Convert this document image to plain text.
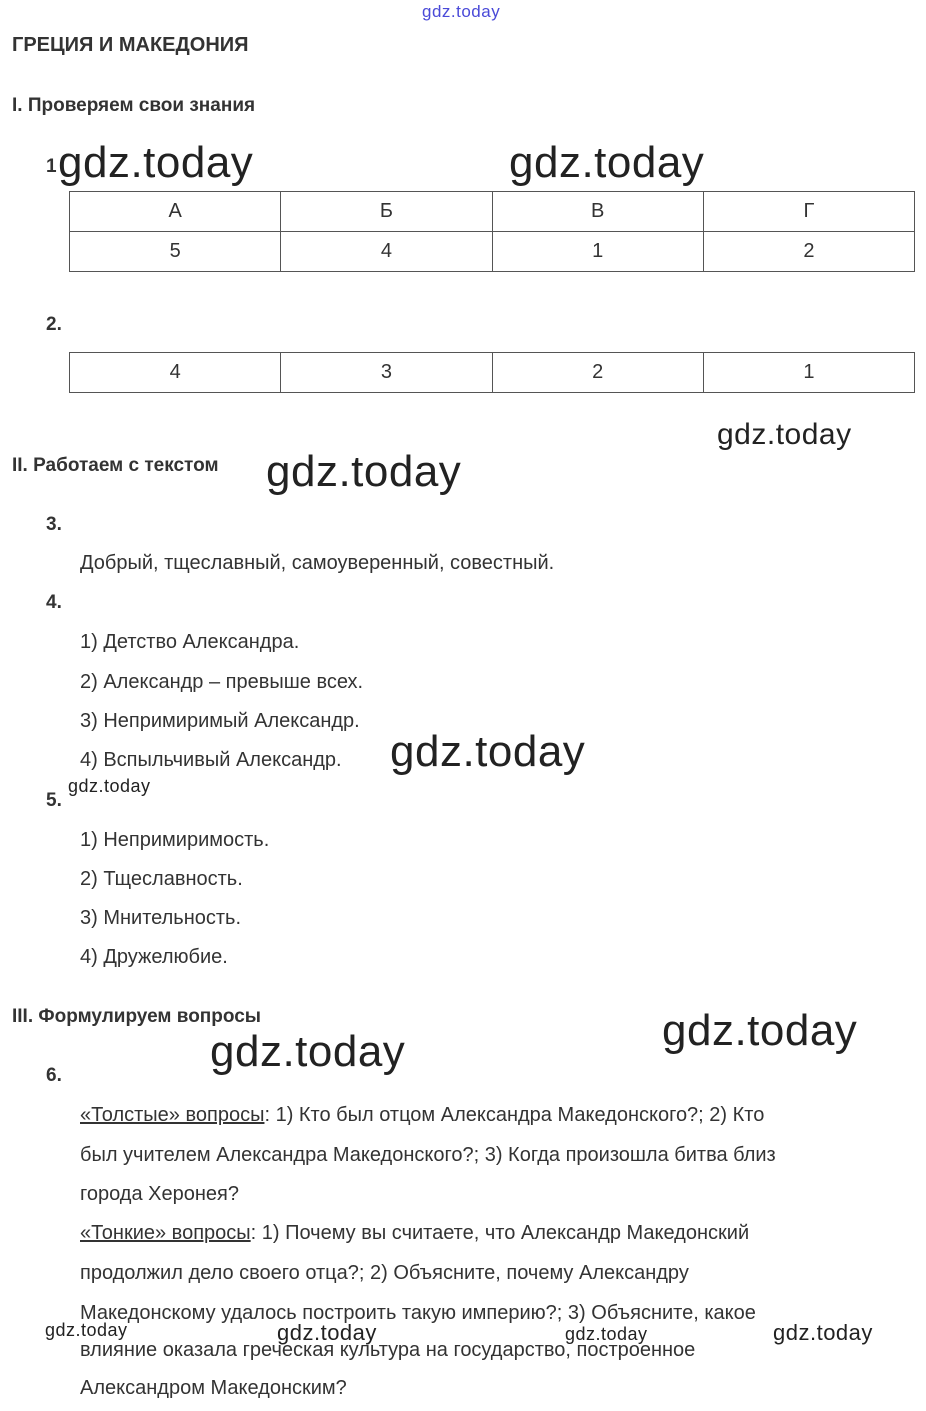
gdz.today
ГРЕЦИЯ И МАКЕДОНИЯ
I. Проверяем свои знания
1
А	Б	В	Г
5	4	1	2
2.
4	3	2	1
II. Работаем с текстом
3.
Добрый, тщеславный, самоуверенный, совестный.
4.
1) Детство Александра.
2) Александр – превыше всех.
3) Непримиримый Александр.
4) Вспыльчивый Александр.
5.
1) Непримиримость.
2) Тщеславность.
3) Мнительность.
4) Дружелюбие.
III. Формулируем вопросы
6.
«Толстые» вопросы: 1) Кто был отцом Александра Македонского?; 2) Кто
был учителем Александра Македонского?; 3) Когда произошла битва близ
города Херонея?
«Тонкие» вопросы: 1) Почему вы считаете, что Александр Македонский
продолжил дело своего отца?; 2) Объясните, почему Александру
Македонскому удалось построить такую империю?; 3) Объясните, какое
влияние оказала греческая культура на государство, построенное
Александром Македонским?
gdz.today	gdz.today
gdz.today
gdz.today
gdz.today
gdz.today
gdz.today
gdz.today
gdz.today	gdz.today	gdz.today	gdz.today
